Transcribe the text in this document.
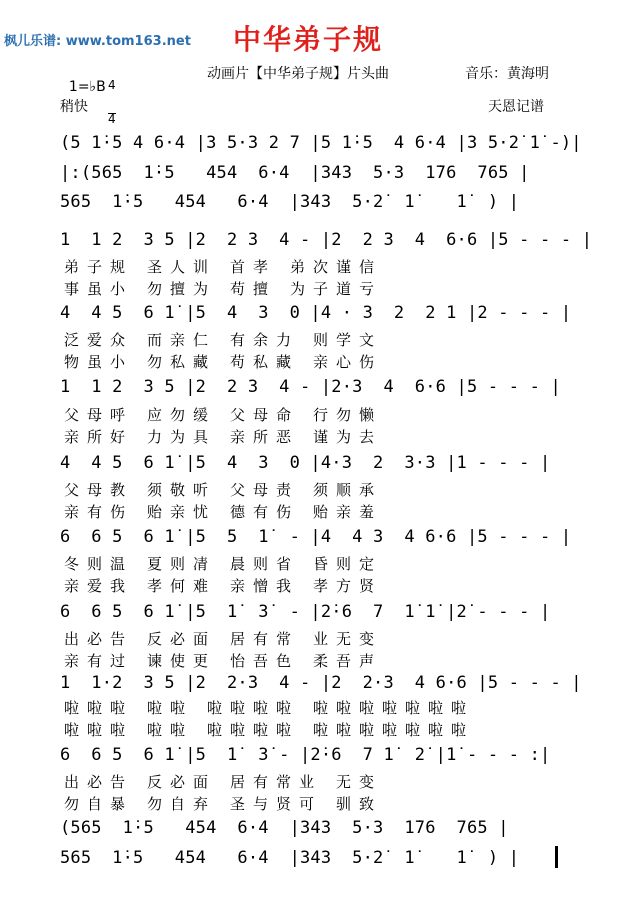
枫儿乐谱: www.tom163.net 中华弟子规

1=♭B

4

4

动画片【中华弟子规】片头曲	音乐：黄海明
稍快	天恩记谱
(5 1̇·5 4 6·4 |3 5·3 2 7 |5 1̇·5  4 6·4 |3 5·2̇ 1̇ -)|
|:(565  1̇·5   454  6·4  |343  5·3  1̇76  765 |
565  1̇·5   454   6·4  |343  5·2̇  1̇    1̇  ) |
1  1 2  3 5 |2  2 3  4 - |2  2 3  4  6·6 |5 - - - |
弟 子 规 圣 人 训 首 孝 弟 次 谨 信
事 虽 小 勿 擅 为 苟 擅 为 子 道 亏
4  4 5  6 1̇ |5  4  3  0 |4 · 3  2  2 1 |2 - - - |
泛 爱 众 而 亲 仁 有 余 力 则 学 文
物 虽 小 勿 私 藏 苟 私 藏 亲 心 伤
1  1 2  3 5 |2  2 3  4 - |2·3  4  6·6 |5 - - - |
父 母 呼 应 勿 缓 父 母 命 行 勿 懒
亲 所 好 力 为 具 亲 所 恶 谨 为 去
4  4 5  6 1̇ |5  4  3  0 |4·3  2  3·3 |1 - - - |
父 母 教 须 敬 听 父 母 责 须 顺 承
亲 有 伤 贻 亲 忧 德 有 伤 贻 亲 羞
6  6 5  6 1̇ |5  5  1̇  - |4  4 3  4 6·6 |5 - - - |
冬 则 温 夏 则 凊 晨 则 省 昏 则 定
亲 爱 我 孝 何 难 亲 憎 我 孝 方 贤
6  6 5  6 1̇ |5  1̇  3̇  - |2̇·6  7  1̇ 1̇ |2̇ - - - |
出 必 告 反 必 面 居 有 常 业 无 变
亲 有 过 谏 使 更 怡 吾 色 柔 吾 声
1  1·2  3 5 |2  2·3  4 - |2  2·3  4 6·6 |5 - - - |
啦 啦 啦 啦 啦 啦 啦 啦 啦 啦 啦 啦 啦 啦 啦 啦
啦 啦 啦 啦 啦 啦 啦 啦 啦 啦 啦 啦 啦 啦 啦 啦
6  6 5  6 1̇ |5  1̇  3̇ - |2̇·6  7 1̇  2̇ |1̇ - - - :|
出 必 告 反 必 面 居 有 常 业 无 变
勿 自 暴 勿 自 弃 圣 与 贤 可 驯 致
(565  1̇·5   454  6·4  |343  5·3  1̇76  765 |
565  1̇·5   454   6·4  |343  5·2̇  1̇    1̇  ) |
